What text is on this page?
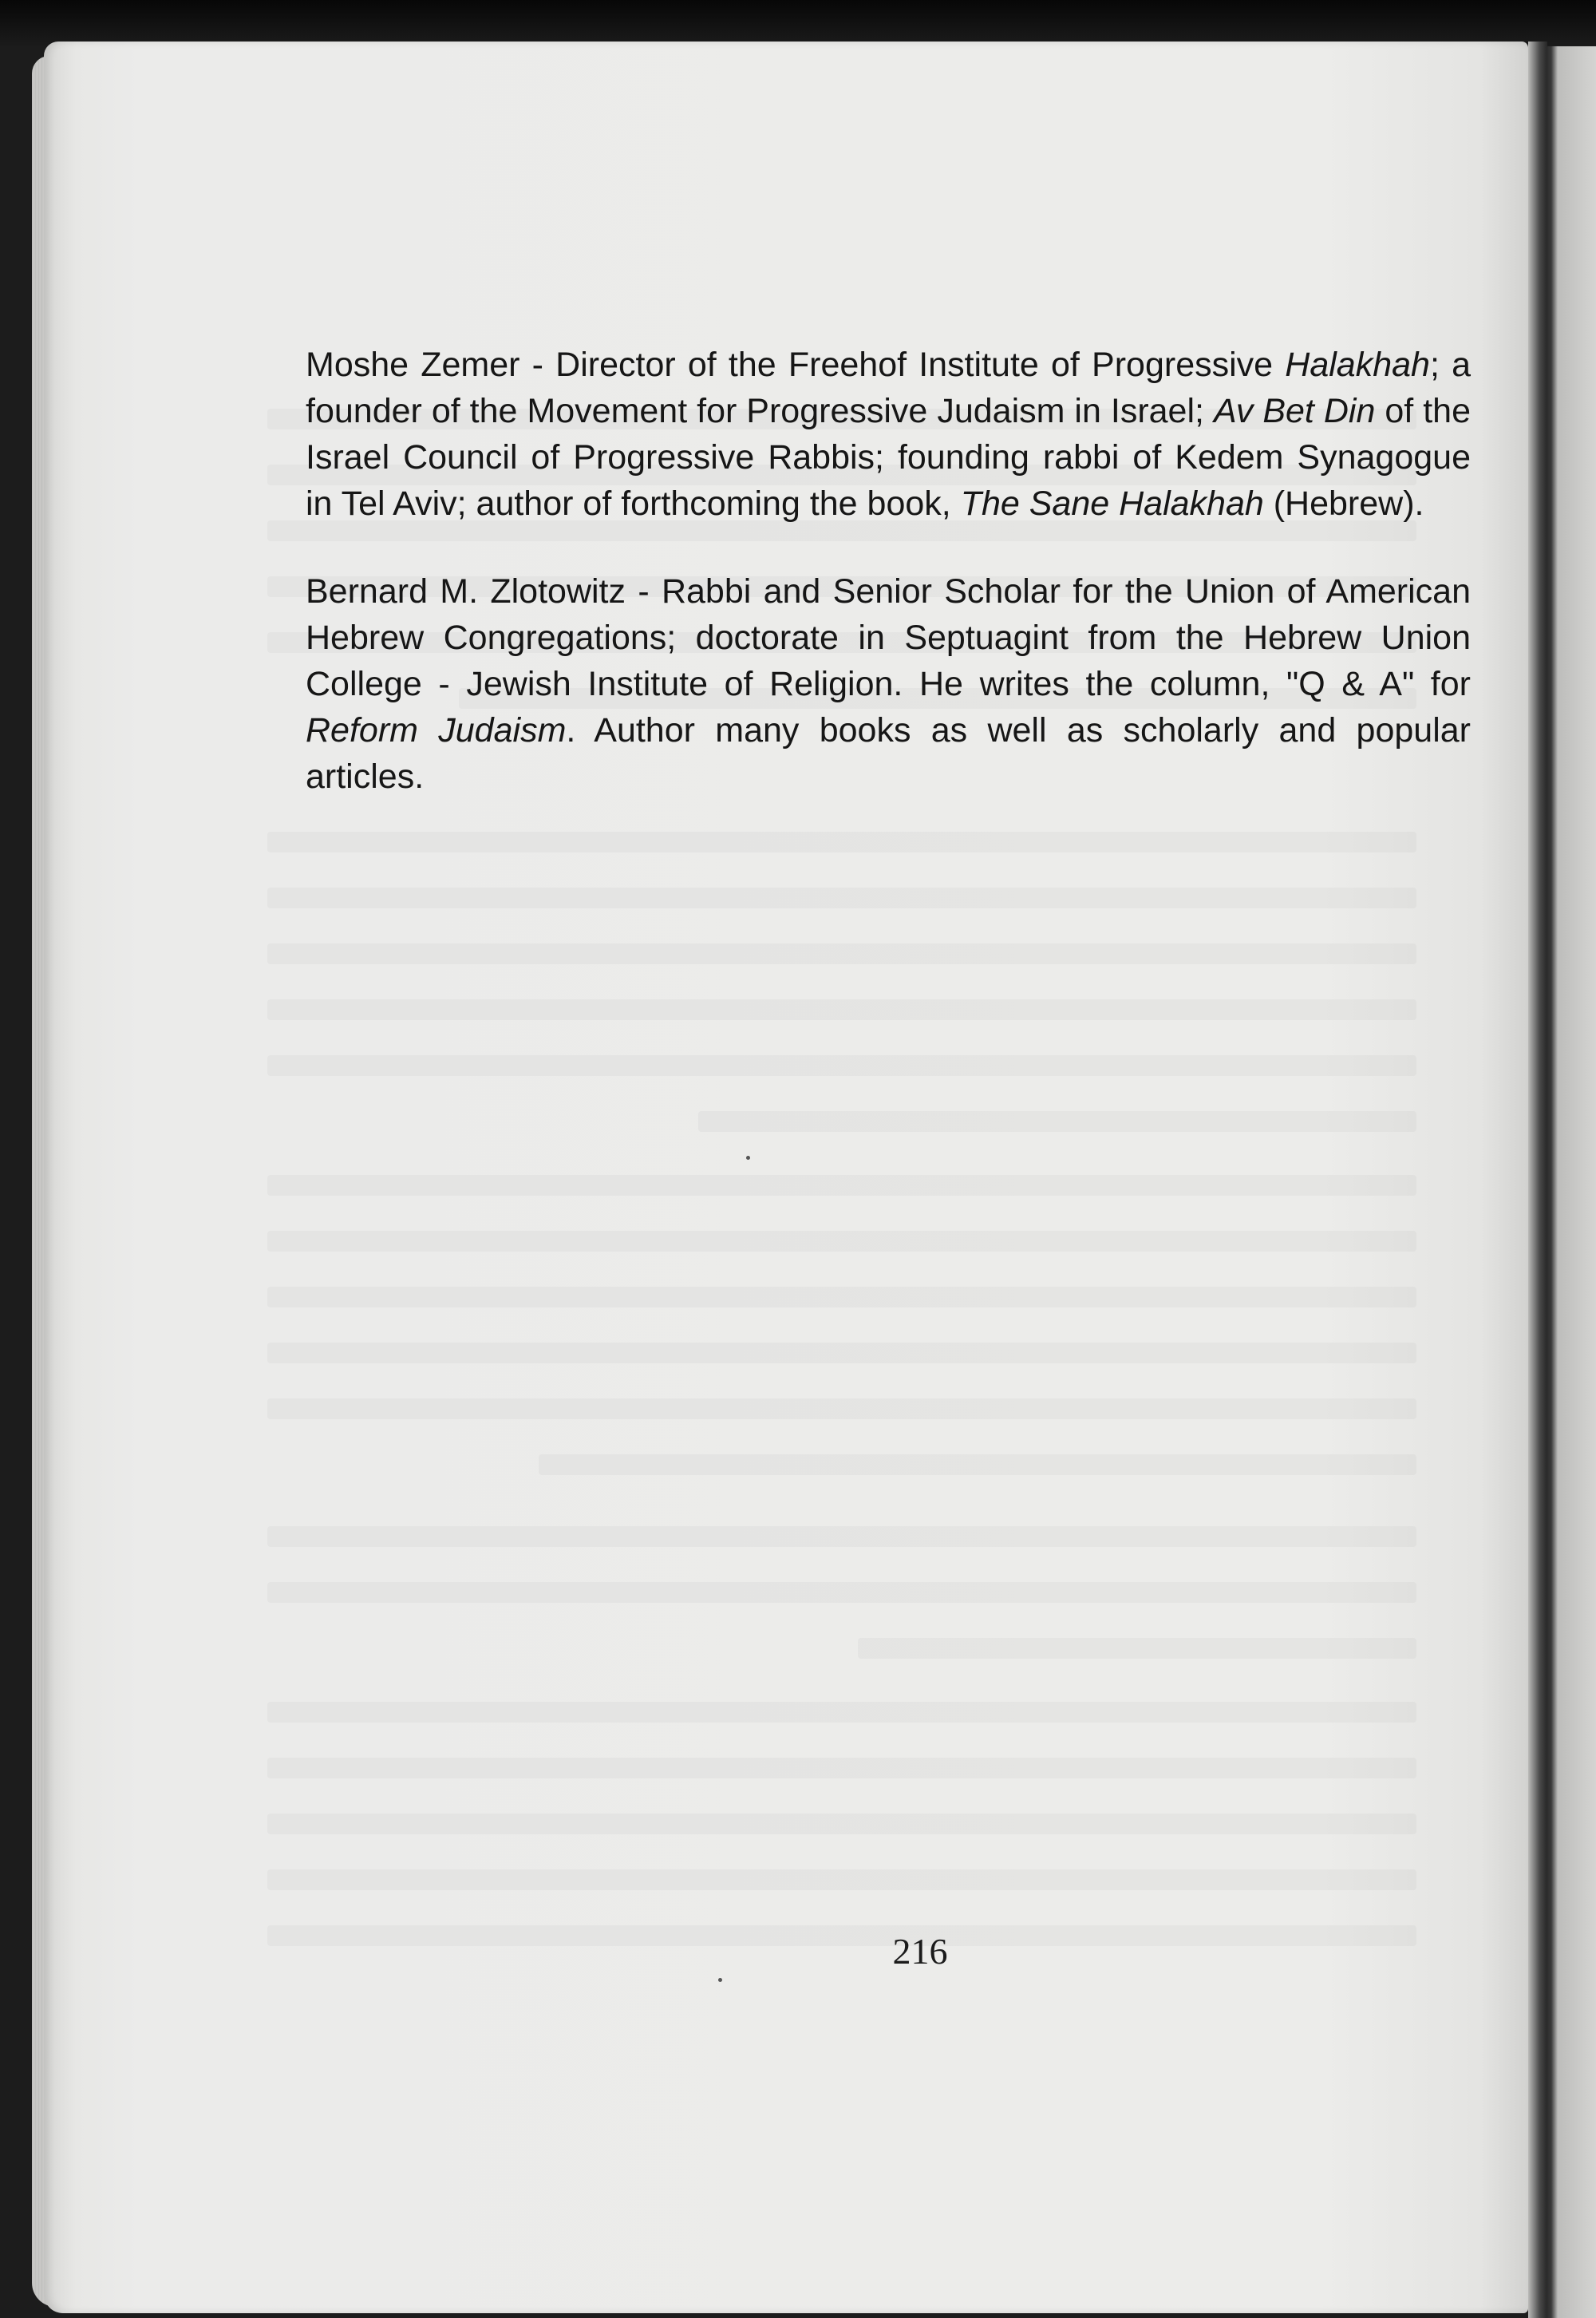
Moshe Zemer - Director of the Freehof Institute of Progressive Halakhah; a founder of the Movement for Progressive Judaism in Israel; Av Bet Din of the Israel Council of Progressive Rabbis; founding rabbi of Kedem Synagogue in Tel Aviv; author of forthcoming the book, The Sane Halakhah (Hebrew).

Bernard M. Zlotowitz - Rabbi and Senior Scholar for the Union of American Hebrew Congregations; doctorate in Septuagint from the Hebrew Union College - Jewish Institute of Religion. He writes the column, "Q & A" for Reform Judaism. Author many books as well as scholarly and popular articles.

216
